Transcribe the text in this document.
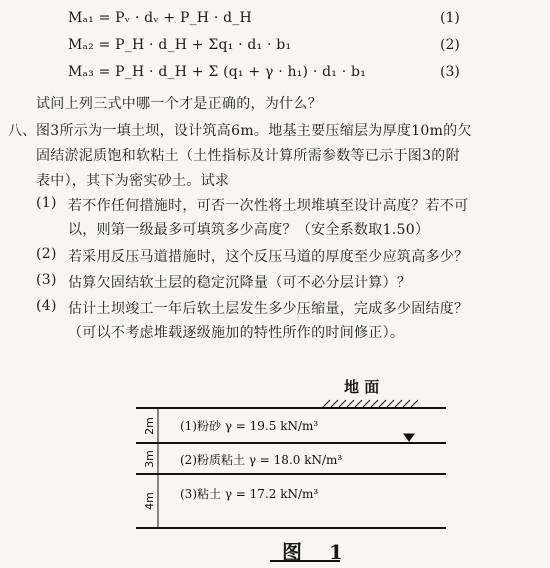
Mₐ₁ = Pᵥ · dᵥ + P_H · d_H	(1)
Mₐ₂ = P_H · d_H + Σq₁ · d₁ · b₁	(2)
Mₐ₃ = P_H · d_H + Σ (q₁ + γ · h₁) · d₁ · b₁	(3)
试问上列三式中哪一个才是正确的，为什么？
八、 图3所示为一填土坝，设计筑高6m。地基主要压缩层为厚度10m的欠
固结淤泥质饱和软粘土（土性指标及计算所需参数等已示于图3的附
表中），其下为密实砂土。试求
(1) 若不作任何措施时，可否一次性将土坝堆填至设计高度？若不可
以，则第一级最多可填筑多少高度？（安全系数取1.50）
(2) 若采用反压马道措施时，这个反压马道的厚度至少应筑高多少？
(3) 估算欠固结软土层的稳定沉降量（可不必分层计算）？
(4) 估计土坝竣工一年后软土层发生多少压缩量，完成多少固结度？
（可以不考虑堆载逐级施加的特性所作的时间修正）。
地 面
2m
3m
4m
(1)粉砂 γ = 19.5 kN/m³
(2)粉质粘土 γ = 18.0 kN/m³
(3)粘土 γ = 17.2 kN/m³
图 1
